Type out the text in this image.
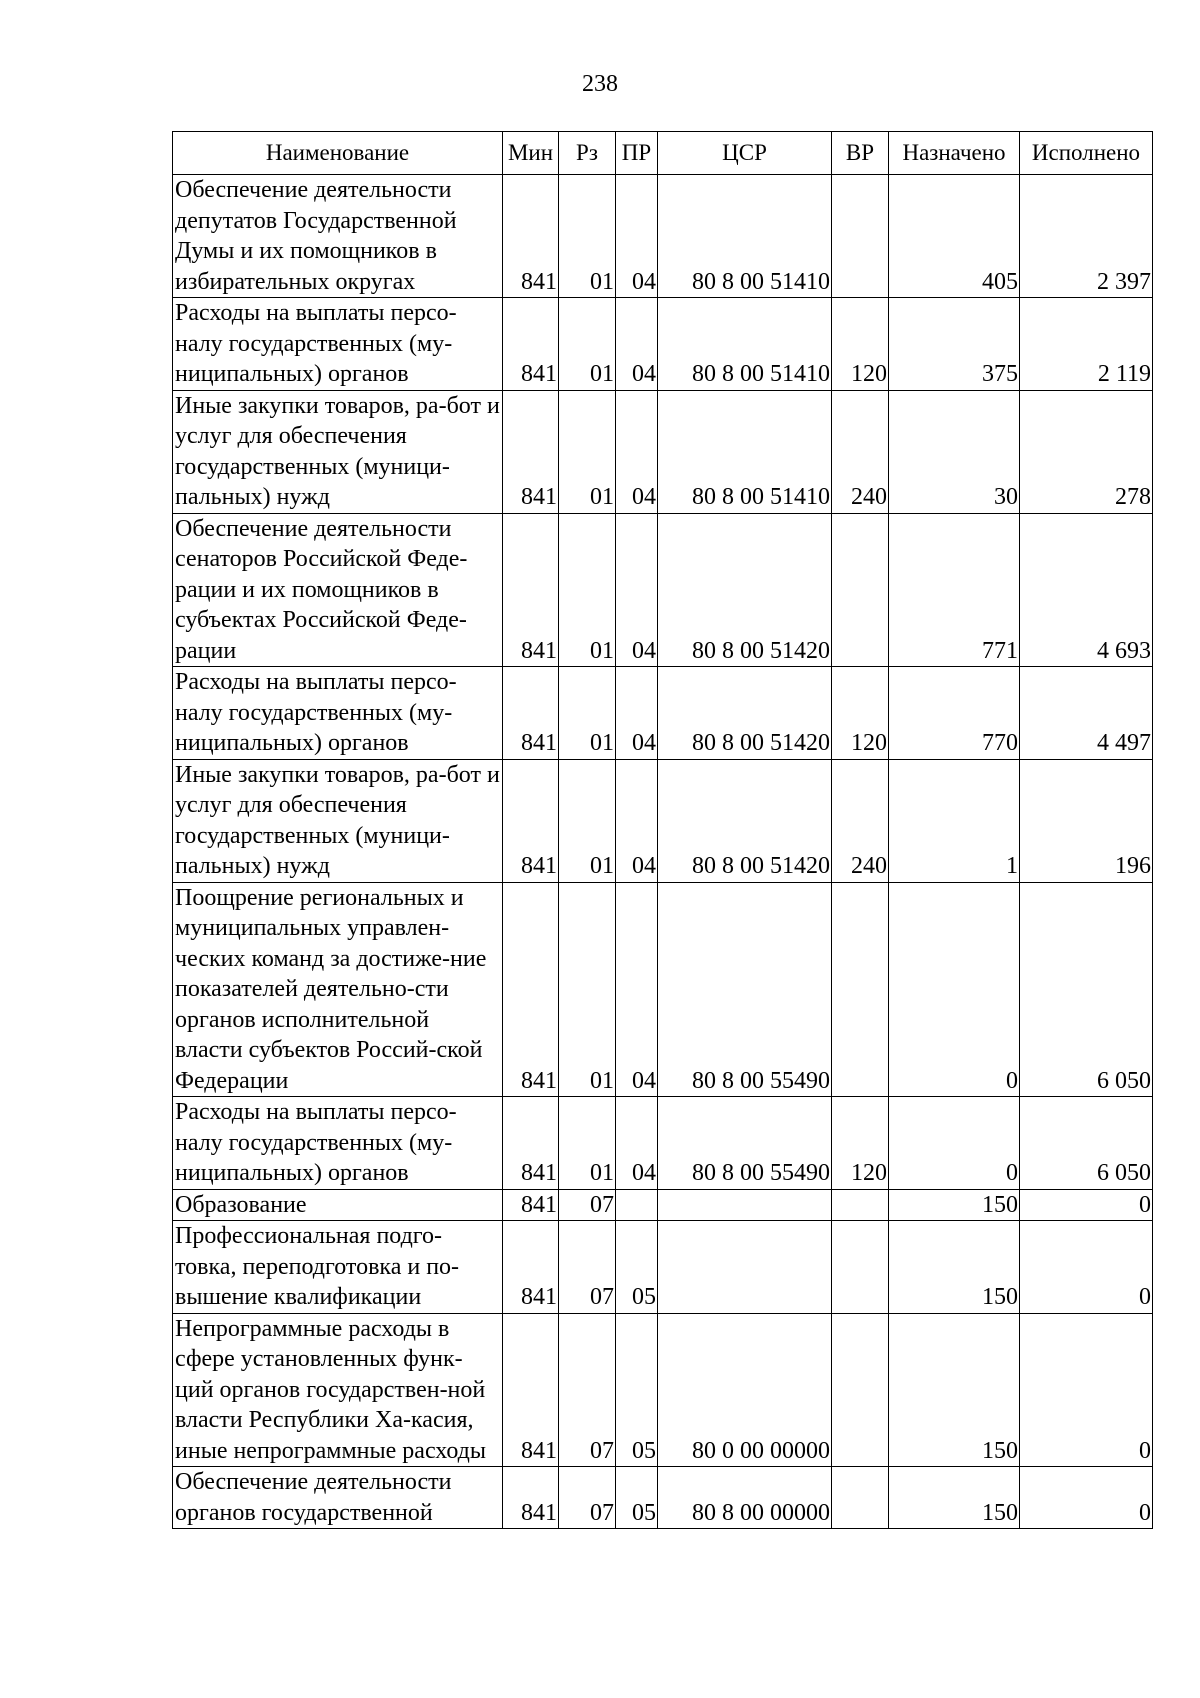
238
Наименование	Мин	Рз	ПР	ЦСР	ВР	Назначено	Исполнено
Обеспечение деятельности депутатов Государственной Думы и их помощников в избирательных округах	841	01	04	80 8 00 51410		405	2 397
Расходы на выплаты персо-налу государственных (му-ниципальных) органов	841	01	04	80 8 00 51410	120	375	2 119
Иные закупки товаров, ра-бот и услуг для обеспечения государственных (муници-пальных) нужд	841	01	04	80 8 00 51410	240	30	278
Обеспечение деятельности сенаторов Российской Феде-рации и их помощников в субъектах Российской Феде-рации	841	01	04	80 8 00 51420		771	4 693
Расходы на выплаты персо-налу государственных (му-ниципальных) органов	841	01	04	80 8 00 51420	120	770	4 497
Иные закупки товаров, ра-бот и услуг для обеспечения государственных (муници-пальных) нужд	841	01	04	80 8 00 51420	240	1	196
Поощрение региональных и муниципальных управлен-ческих команд за достиже-ние показателей деятельно-сти органов исполнительной власти субъектов Россий-ской Федерации	841	01	04	80 8 00 55490		0	6 050
Расходы на выплаты персо-налу государственных (му-ниципальных) органов	841	01	04	80 8 00 55490	120	0	6 050
Образование	841	07				150	0
Профессиональная подго-товка, переподготовка и по-вышение квалификации	841	07	05			150	0
Непрограммные расходы в сфере установленных функ-ций органов государствен-ной власти Республики Ха-касия, иные непрограммные расходы	841	07	05	80 0 00 00000		150	0
Обеспечение деятельности органов государственной	841	07	05	80 8 00 00000		150	0
